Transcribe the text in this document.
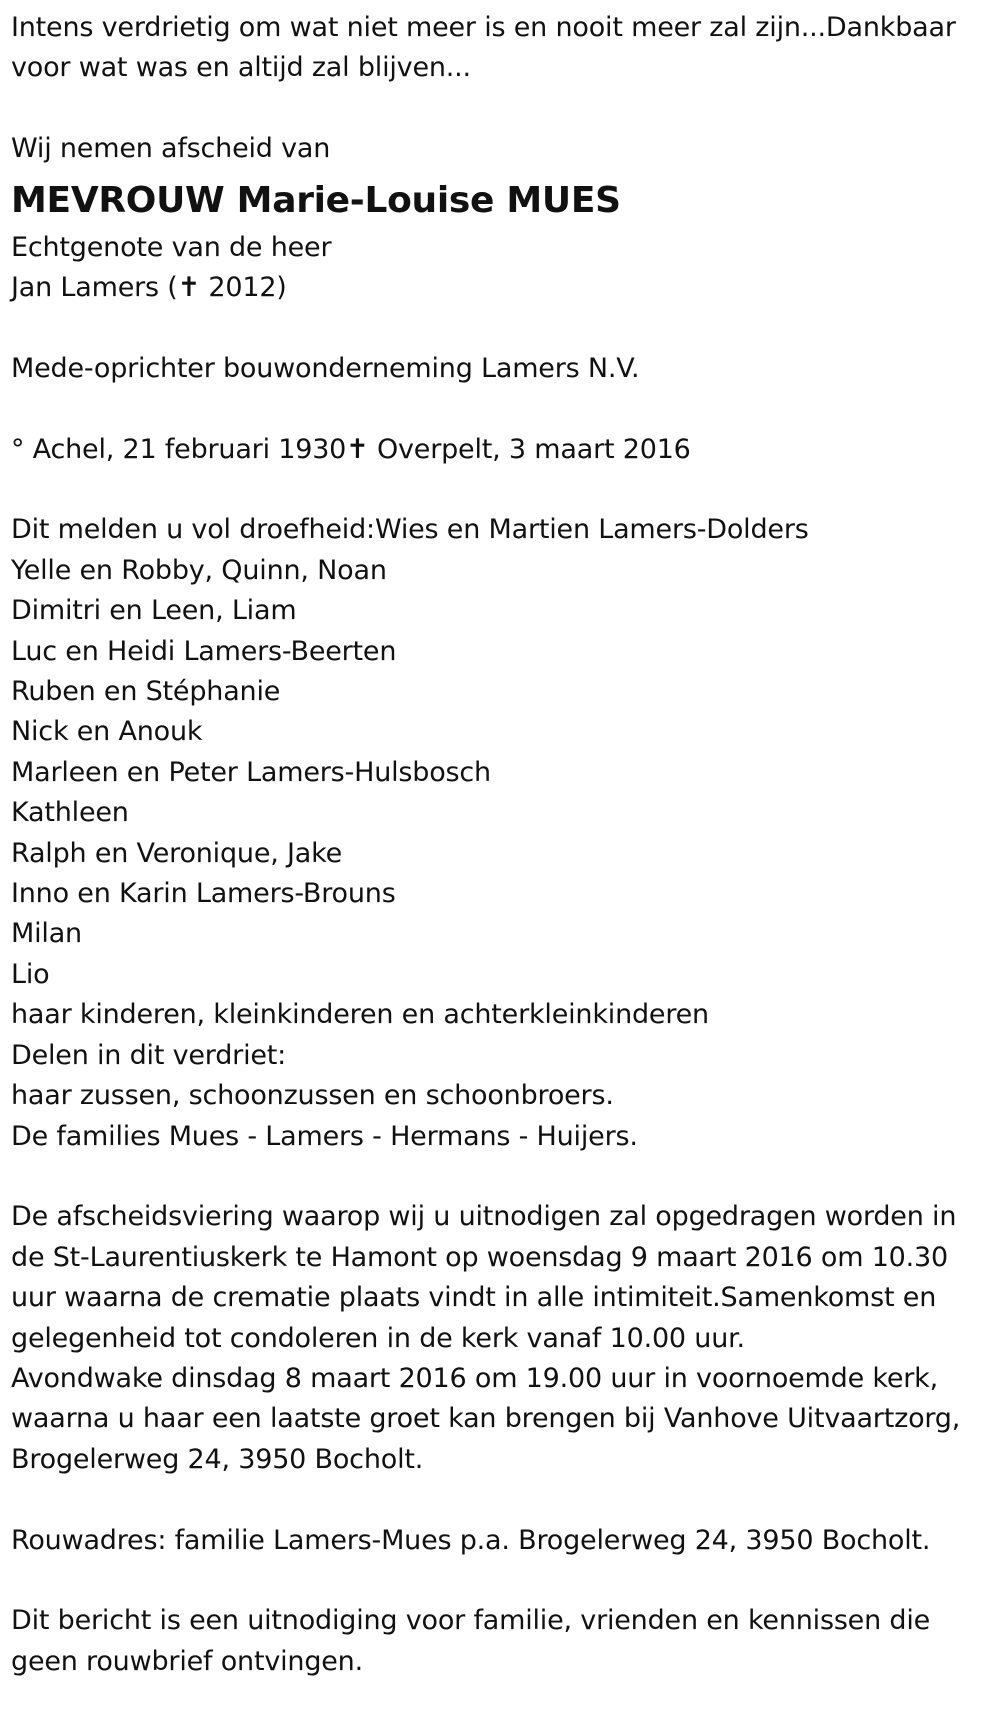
Intens verdrietig om wat niet meer is en nooit meer zal zijn...Dankbaar
voor wat was en altijd zal blijven...
Wij nemen afscheid van
MEVROUW Marie-Louise MUES
Echtgenote van de heer
Jan Lamers (✝ 2012)
Mede-oprichter bouwonderneming Lamers N.V.
° Achel, 21 februari 1930✝ Overpelt, 3 maart 2016
Dit melden u vol droefheid:Wies en Martien Lamers-Dolders
Yelle en Robby, Quinn, Noan
Dimitri en Leen, Liam
Luc en Heidi Lamers-Beerten
Ruben en Stéphanie
Nick en Anouk
Marleen en Peter Lamers-Hulsbosch
Kathleen
Ralph en Veronique, Jake
Inno en Karin Lamers-Brouns
Milan
Lio
haar kinderen, kleinkinderen en achterkleinkinderen
Delen in dit verdriet:
haar zussen, schoonzussen en schoonbroers.
De families Mues - Lamers - Hermans - Huijers.
De afscheidsviering waarop wij u uitnodigen zal opgedragen worden in
de St-Laurentiuskerk te Hamont op woensdag 9 maart 2016 om 10.30
uur waarna de crematie plaats vindt in alle intimiteit.Samenkomst en
gelegenheid tot condoleren in de kerk vanaf 10.00 uur.
Avondwake dinsdag 8 maart 2016 om 19.00 uur in voornoemde kerk,
waarna u haar een laatste groet kan brengen bij Vanhove Uitvaartzorg,
Brogelerweg 24, 3950 Bocholt.
Rouwadres: familie Lamers-Mues p.a. Brogelerweg 24, 3950 Bocholt.
Dit bericht is een uitnodiging voor familie, vrienden en kennissen die
geen rouwbrief ontvingen.
